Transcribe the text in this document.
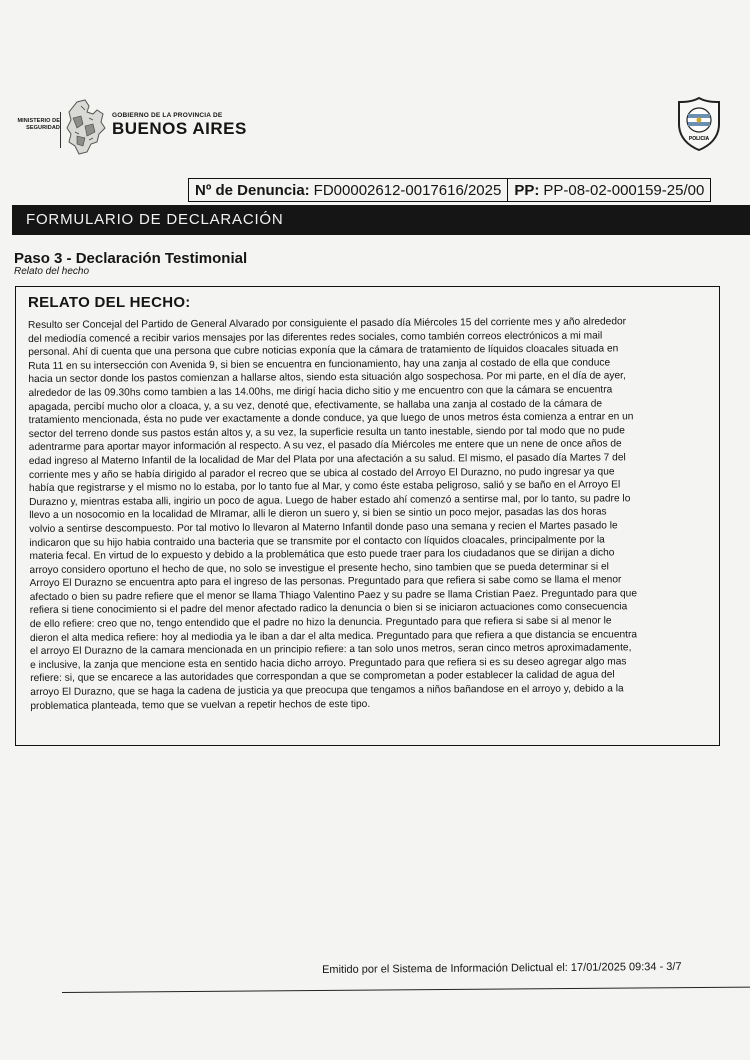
MINISTERIO DE
SEGURIDAD
GOBIERNO DE LA PROVINCIA DE
BUENOS AIRES
POLICIA
Nº de Denuncia: FD00002612-0017616/2025 PP: PP-08-02-000159-25/00
FORMULARIO DE DECLARACIÓN
Paso 3 - Declaración Testimonial
Relato del hecho
RELATO DEL HECHO:
Resulto ser Concejal del Partido de General Alvarado por consiguiente el pasado día Miércoles 15 del corriente mes y año alrededor
del mediodía comencé a recibir varios mensajes por las diferentes redes sociales, como también correos electrónicos a mi mail
personal. Ahí di cuenta que una persona que cubre noticias exponía que la cámara de tratamiento de líquidos cloacales situada en
Ruta 11 en su intersección con Avenida 9, si bien se encuentra en funcionamiento, hay una zanja al costado de ella que conduce
hacia un sector donde los pastos comienzan a hallarse altos, siendo esta situación algo sospechosa. Por mi parte, en el día de ayer,
alrededor de las 09.30hs como tambien a las 14.00hs, me dirigí hacia dicho sitio y me encuentro con que la cámara se encuentra
apagada, percibí mucho olor a cloaca, y, a su vez, denoté que, efectivamente, se hallaba una zanja al costado de la cámara de
tratamiento mencionada, ésta no pude ver exactamente a donde conduce, ya que luego de unos metros ésta comienza a entrar en un
sector del terreno donde sus pastos están altos y, a su vez, la superficie resulta un tanto inestable, siendo por tal modo que no pude
adentrarme para aportar mayor información al respecto. A su vez, el pasado día Miércoles me entere que un nene de once años de
edad ingreso al Materno Infantil de la localidad de Mar del Plata por una afectación a su salud. El mismo, el pasado día Martes 7 del
corriente mes y año se había dirigido al parador el recreo que se ubica al costado del Arroyo El Durazno, no pudo ingresar ya que
había que registrarse y el mismo no lo estaba, por lo tanto fue al Mar, y como éste estaba peligroso, salió y se baño en el Arroyo El
Durazno y, mientras estaba alli, ingirio un poco de agua. Luego de haber estado ahí comenzó a sentirse mal, por lo tanto, su padre lo
llevo a un nosocomio en la localidad de MIramar, alli le dieron un suero y, si bien se sintio un poco mejor, pasadas las dos horas
volvio a sentirse descompuesto. Por tal motivo lo llevaron al Materno Infantil donde paso una semana y recien el Martes pasado le
indicaron que su hijo habia contraido una bacteria que se transmite por el contacto con líquidos cloacales, principalmente por la
materia fecal. En virtud de lo expuesto y debido a la problemática que esto puede traer para los ciudadanos que se dirijan a dicho
arroyo considero oportuno el hecho de que, no solo se investigue el presente hecho, sino tambien que se pueda determinar si el
Arroyo El Durazno se encuentra apto para el ingreso de las personas. Preguntado para que refiera si sabe como se llama el menor
afectado o bien su padre refiere que el menor se llama Thiago Valentino Paez y su padre se llama Cristian Paez. Preguntado para que
refiera si tiene conocimiento si el padre del menor afectado radico la denuncia o bien si se iniciaron actuaciones como consecuencia
de ello refiere: creo que no, tengo entendido que el padre no hizo la denuncia. Preguntado para que refiera si sabe si al menor le
dieron el alta medica refiere: hoy al mediodia ya le iban a dar el alta medica. Preguntado para que refiera a que distancia se encuentra
el arroyo El Durazno de la camara mencionada en un principio refiere: a tan solo unos metros, seran cinco metros aproximadamente,
e inclusive, la zanja que mencione esta en sentido hacia dicho arroyo. Preguntado para que refiera si es su deseo agregar algo mas
refiere: si, que se encarece a las autoridades que correspondan a que se comprometan a poder establecer la calidad de agua del
arroyo El Durazno, que se haga la cadena de justicia ya que preocupa que tengamos a niños bañandose en el arroyo y, debido a la
problematica planteada, temo que se vuelvan a repetir hechos de este tipo.
Emitido por el Sistema de Información Delictual el: 17/01/2025 09:34 - 3/7
